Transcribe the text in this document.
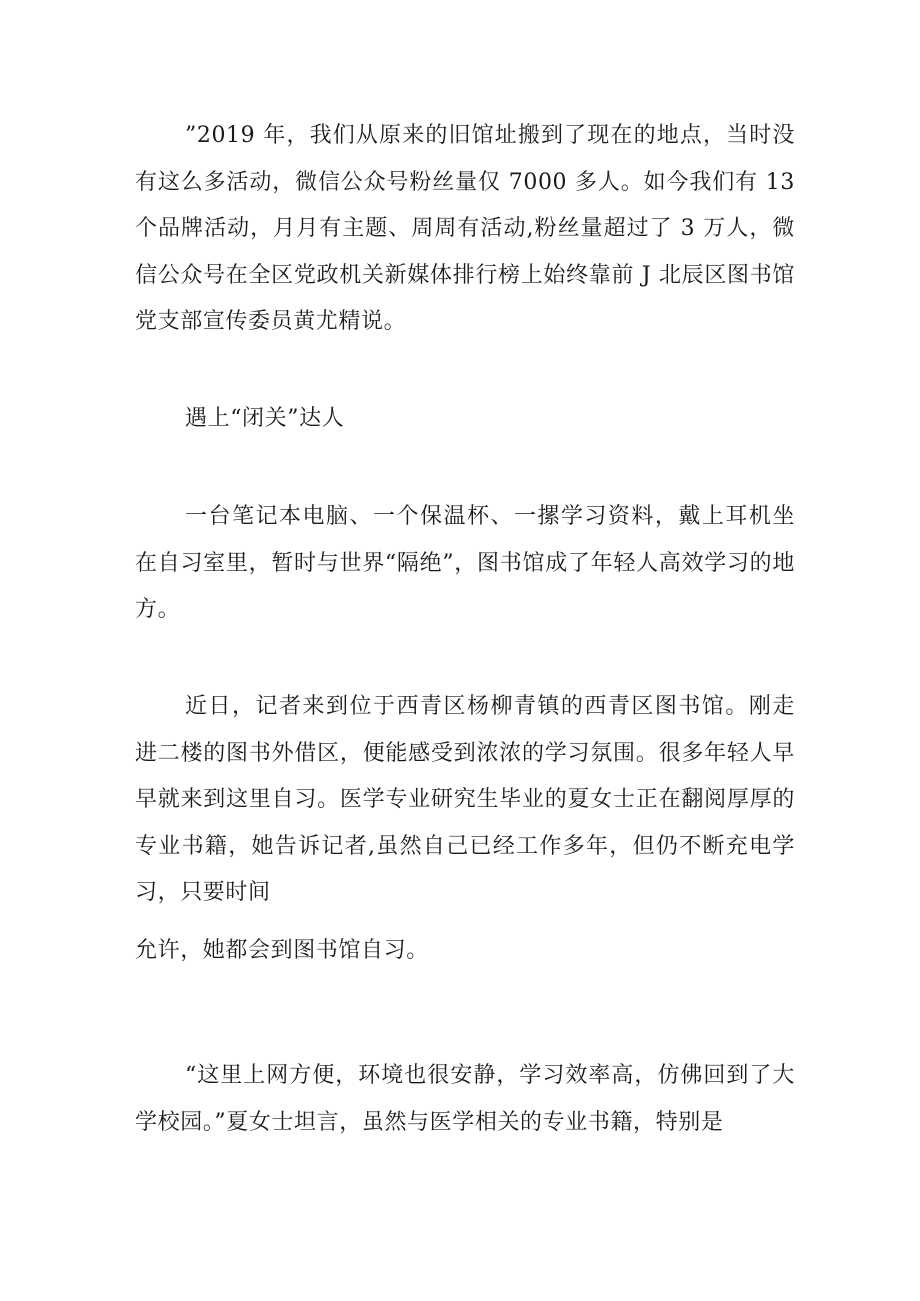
”2019 年，我们从原来的旧馆址搬到了现在的地点，当时没有这么多活动，微信公众号粉丝量仅 7000 多人。如今我们有 13 个品牌活动，月月有主题、周周有活动,粉丝量超过了 3 万人，微信公众号在全区党政机关新媒体排行榜上始终靠前 J 北辰区图书馆党支部宣传委员黄尤精说。

遇上“闭关”达人

一台笔记本电脑、一个保温杯、一摞学习资料，戴上耳机坐在自习室里，暂时与世界“隔绝”，图书馆成了年轻人高效学习的地方。

近日，记者来到位于西青区杨柳青镇的西青区图书馆。刚走进二楼的图书外借区，便能感受到浓浓的学习氛围。很多年轻人早早就来到这里自习。医学专业研究生毕业的夏女士正在翻阅厚厚的专业书籍，她告诉记者,虽然自己已经工作多年，但仍不断充电学习，只要时间

允许，她都会到图书馆自习。

“这里上网方便，环境也很安静，学习效率高，仿佛回到了大学校园。”夏女士坦言，虽然与医学相关的专业书籍，特别是
